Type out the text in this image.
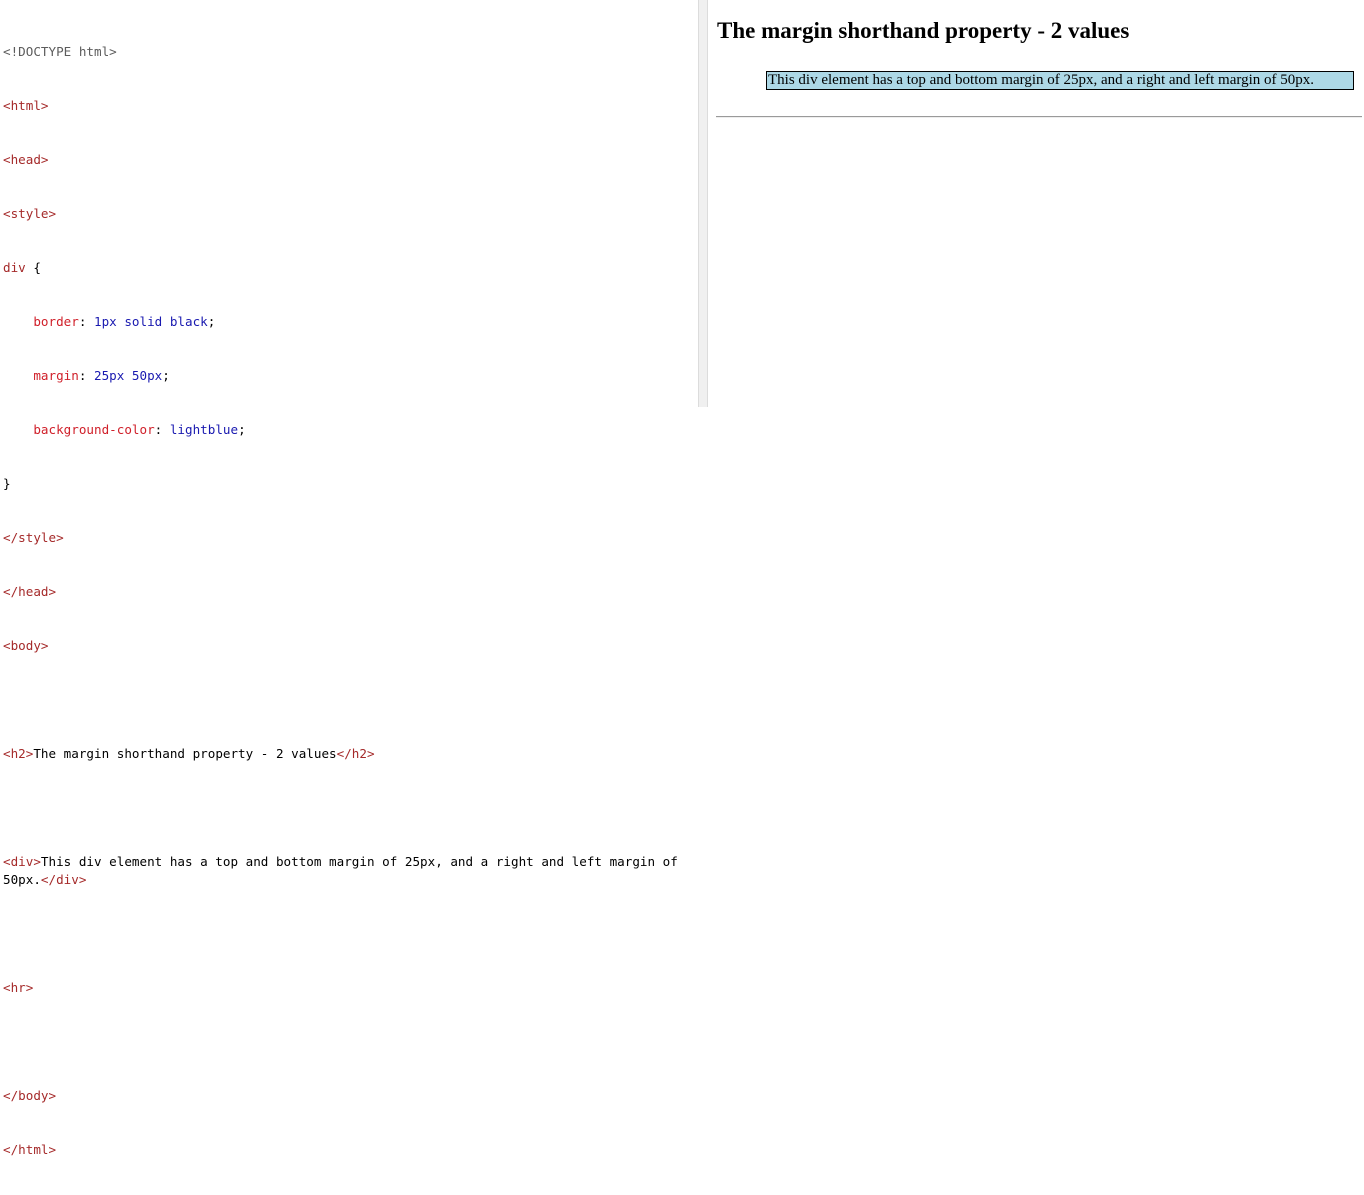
<!DOCTYPE html>

<html>

<head>

<style>

div {

border: 1px solid black;

margin: 25px 50px;

background-color: lightblue;

}

</style>

</head>

<body>

<h2>The margin shorthand property - 2 values</h2>

<div>This div element has a top and bottom margin of 25px, and a right and left margin of 50px.</div>

<hr>

</body>

</html>

The margin shorthand property - 2 values
This div element has a top and bottom margin of 25px, and a right and left margin of 50px.
